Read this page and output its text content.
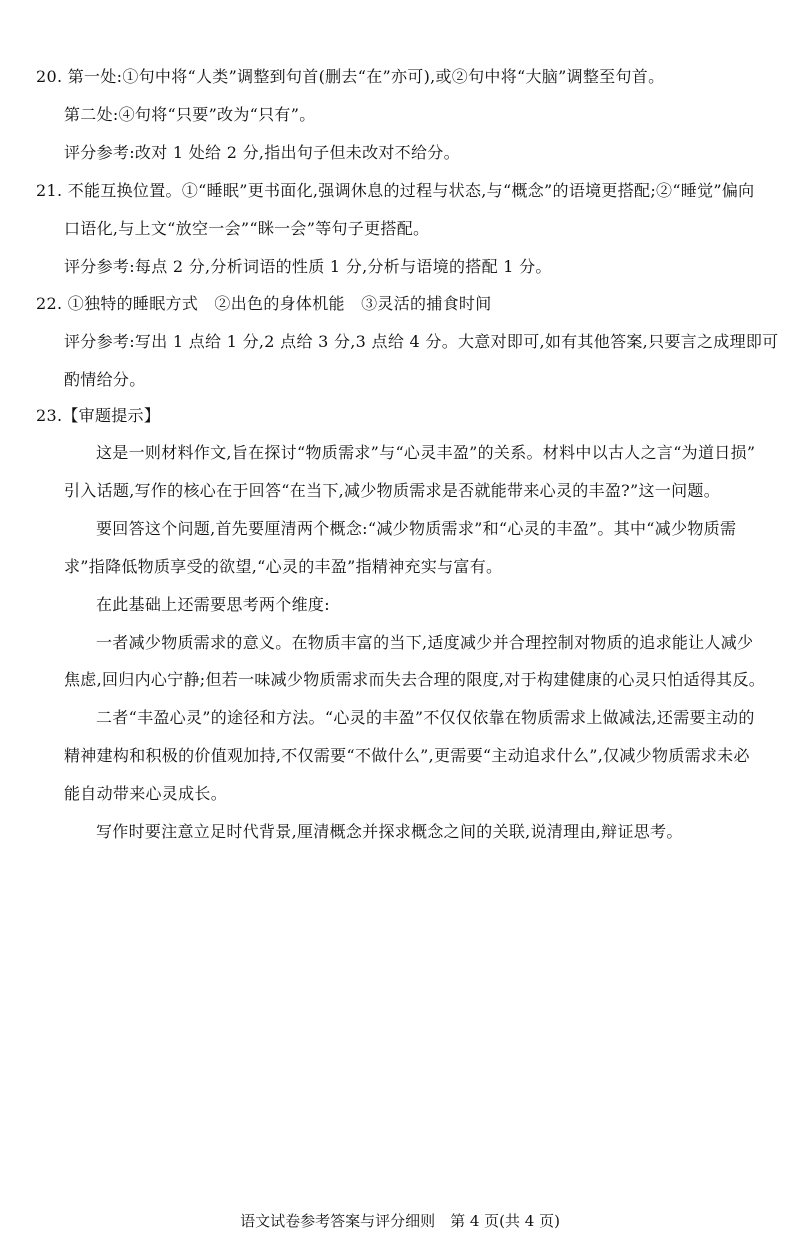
20. 第一处:①句中将“人类”调整到句首(删去“在”亦可),或②句中将“大脑”调整至句首。
第二处:④句将“只要”改为“只有”。
评分参考:改对 1 处给 2 分,指出句子但未改对不给分。
21. 不能互换位置。①“睡眠”更书面化,强调休息的过程与状态,与“概念”的语境更搭配;②“睡觉”偏向
口语化,与上文“放空一会”“眯一会”等句子更搭配。
评分参考:每点 2 分,分析词语的性质 1 分,分析与语境的搭配 1 分。
22. ①独特的睡眠方式　②出色的身体机能　③灵活的捕食时间
评分参考:写出 1 点给 1 分,2 点给 3 分,3 点给 4 分。大意对即可,如有其他答案,只要言之成理即可
酌情给分。
23.【审题提示】
这是一则材料作文,旨在探讨“物质需求”与“心灵丰盈”的关系。材料中以古人之言“为道日损”
引入话题,写作的核心在于回答“在当下,减少物质需求是否就能带来心灵的丰盈?”这一问题。
要回答这个问题,首先要厘清两个概念:“减少物质需求”和“心灵的丰盈”。其中“减少物质需
求”指降低物质享受的欲望,“心灵的丰盈”指精神充实与富有。
在此基础上还需要思考两个维度:
一者减少物质需求的意义。在物质丰富的当下,适度减少并合理控制对物质的追求能让人减少
焦虑,回归内心宁静;但若一味减少物质需求而失去合理的限度,对于构建健康的心灵只怕适得其反。
二者“丰盈心灵”的途径和方法。“心灵的丰盈”不仅仅依靠在物质需求上做减法,还需要主动的
精神建构和积极的价值观加持,不仅需要“不做什么”,更需要“主动追求什么”,仅减少物质需求未必
能自动带来心灵成长。
写作时要注意立足时代背景,厘清概念并探求概念之间的关联,说清理由,辩证思考。
语文试卷参考答案与评分细则　第 4 页(共 4 页)
